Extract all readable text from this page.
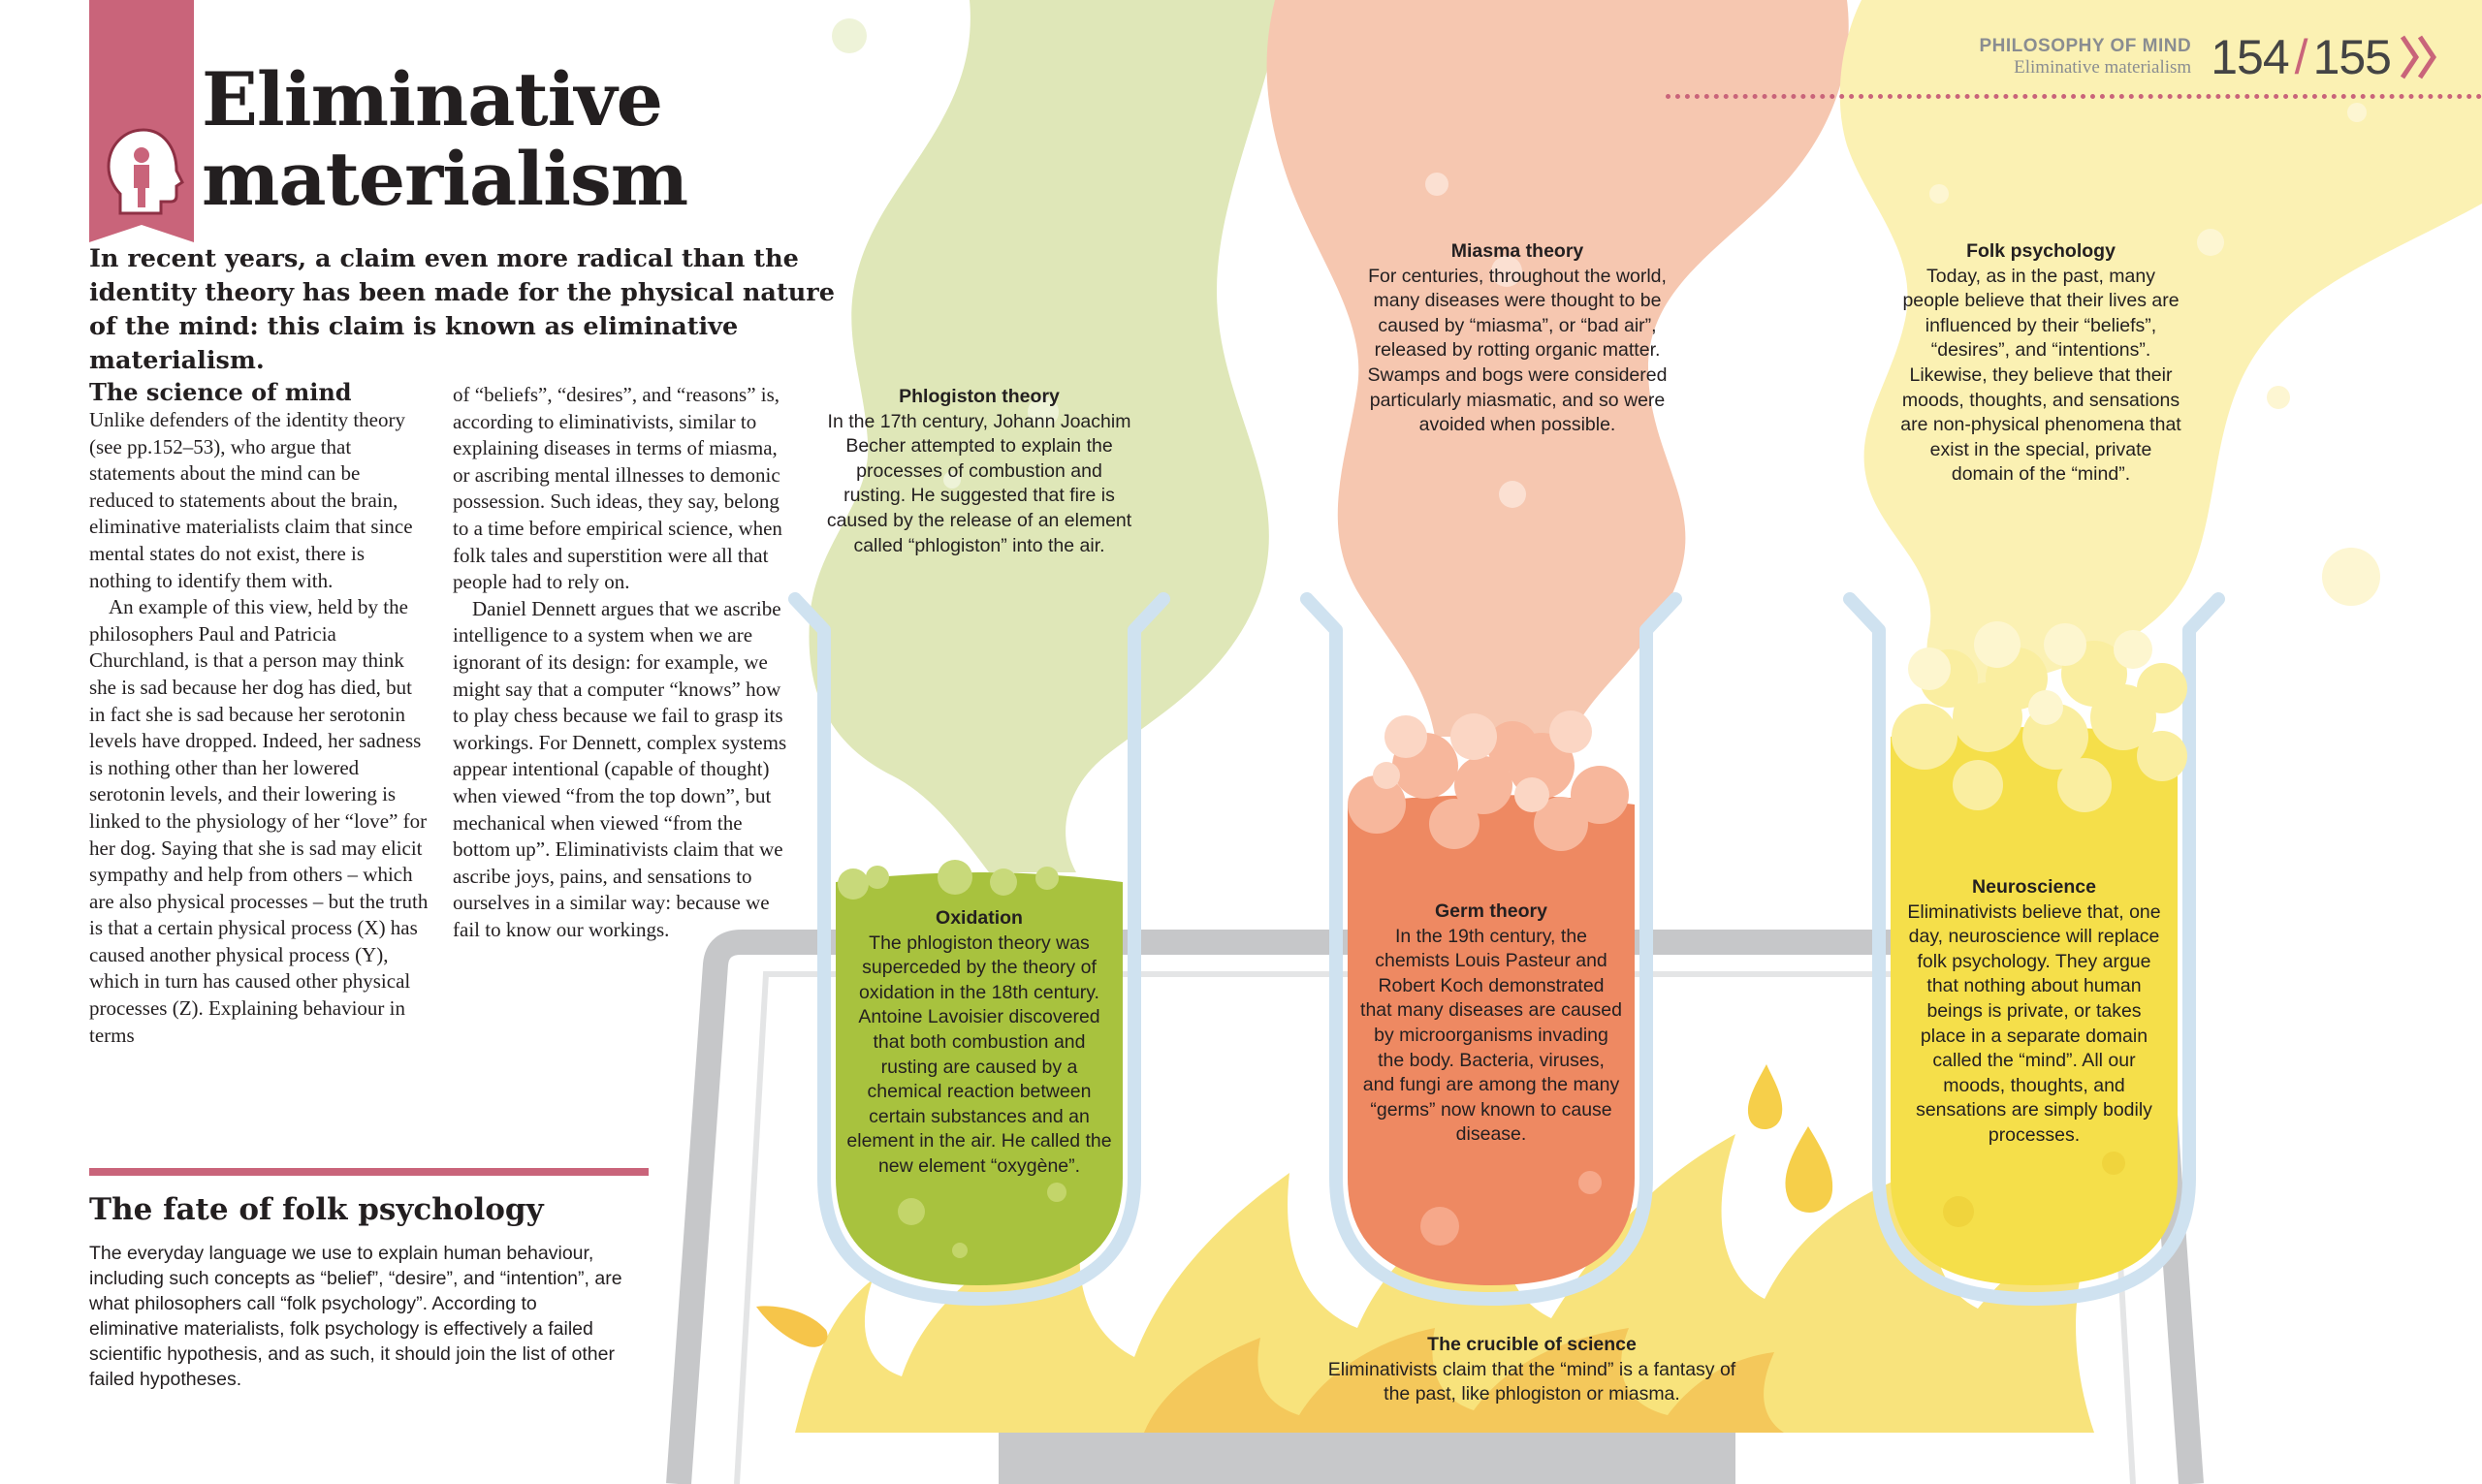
Eliminative
materialism

In recent years, a claim even more radical than the identity theory has been made for the physical nature of the mind: this claim is known as eliminative materialism.

The science of mind

Unlike defenders of the identity theory (see pp.152–53), who argue that statements about the mind can be reduced to statements about the brain, eliminative materialists claim that since mental states do not exist, there is nothing to identify them with.

An example of this view, held by the philosophers Paul and Patricia Churchland, is that a person may think she is sad because her dog has died, but in fact she is sad because her serotonin levels have dropped. Indeed, her sadness is nothing other than her lowered serotonin levels, and their lowering is linked to the physiology of her “love” for her dog. Saying that she is sad may elicit sympathy and help from others – which are also physical processes – but the truth is that a certain physical process (X) has caused another physical process (Y), which in turn has caused other physical processes (Z). Explaining behaviour in terms

of “beliefs”, “desires”, and “reasons” is, according to eliminativists, similar to explaining diseases in terms of miasma, or ascribing mental illnesses to demonic possession. Such ideas, they say, belong to a time before empirical science, when folk tales and superstition were all that people had to rely on.

Daniel Dennett argues that we ascribe intelligence to a system when we are ignorant of its design: for example, we might say that a computer “knows” how to play chess because we fail to grasp its workings. For Dennett, complex systems appear intentional (capable of thought) when viewed “from the top down”, but mechanical when viewed “from the bottom up”. Eliminativists claim that we ascribe joys, pains, and sensations to ourselves in a similar way: because we fail to know our workings.

The fate of folk psychology

The everyday language we use to explain human behaviour, including such concepts as “belief”, “desire”, and “intention”, are what philosophers call “folk psychology”. According to eliminative materialists, folk psychology is effectively a failed scientific hypothesis, and as such, it should join the list of other failed hypotheses.

PHILOSOPHY OF MIND
Eliminative materialism 154 / 155
Phlogiston theory
In the 17th century, Johann Joachim Becher attempted to explain the processes of combustion and rusting. He suggested that fire is caused by the release of an element called “phlogiston” into the air.
Miasma theory
For centuries, throughout the world, many diseases were thought to be caused by “miasma”, or “bad air”, released by rotting organic matter. Swamps and bogs were considered particularly miasmatic, and so were avoided when possible.
Folk psychology
Today, as in the past, many people believe that their lives are influenced by their “beliefs”, “desires”, and “intentions”. Likewise, they believe that their moods, thoughts, and sensations are non-physical phenomena that exist in the special, private domain of the “mind”.
Oxidation
The phlogiston theory was superceded by the theory of oxidation in the 18th century. Antoine Lavoisier discovered that both combustion and rusting are caused by a chemical reaction between certain substances and an element in the air. He called the new element “oxygène”.
Germ theory
In the 19th century, the chemists Louis Pasteur and Robert Koch demonstrated that many diseases are caused by microorganisms invading the body. Bacteria, viruses, and fungi are among the many “germs” now known to cause disease.
Neuroscience
Eliminativists believe that, one day, neuroscience will replace folk psychology. They argue that nothing about human beings is private, or takes place in a separate domain called the “mind”. All our moods, thoughts, and sensations are simply bodily processes.
The crucible of science
Eliminativists claim that the “mind” is a fantasy of the past, like phlogiston or miasma.
